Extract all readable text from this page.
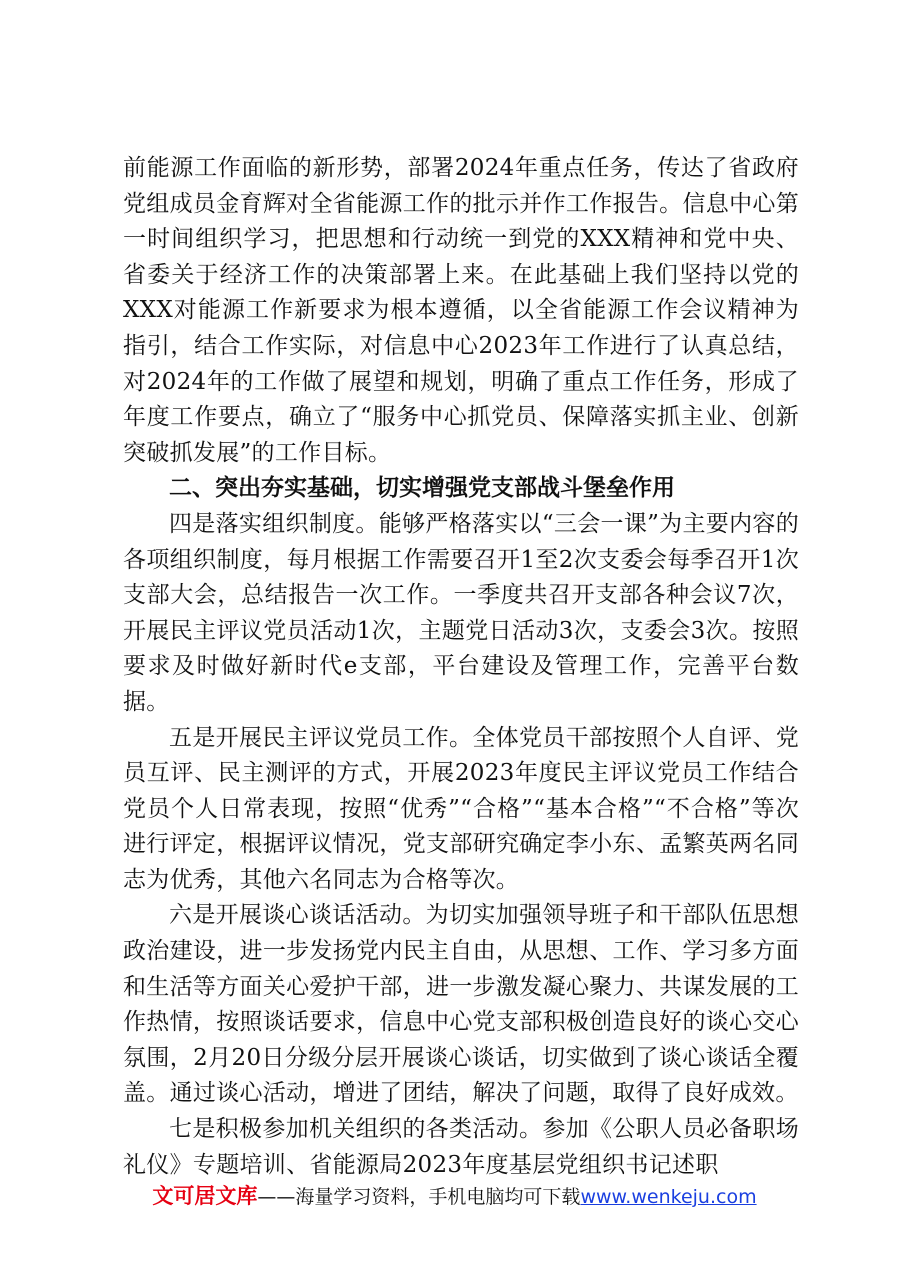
前能源工作面临的新形势，部署2024年重点任务，传达了省政府党组成员金育辉对全省能源工作的批示并作工作报告。信息中心第一时间组织学习，把思想和行动统一到党的XXX精神和党中央、省委关于经济工作的决策部署上来。在此基础上我们坚持以党的XXX对能源工作新要求为根本遵循，以全省能源工作会议精神为指引，结合工作实际，对信息中心2023年工作进行了认真总结，对2024年的工作做了展望和规划，明确了重点工作任务，形成了年度工作要点，确立了“服务中心抓党员、保障落实抓主业、创新突破抓发展”的工作目标。

二、突出夯实基础，切实增强党支部战斗堡垒作用

四是落实组织制度。能够严格落实以“三会一课”为主要内容的各项组织制度，每月根据工作需要召开1至2次支委会每季召开1次支部大会，总结报告一次工作。一季度共召开支部各种会议7次，开展民主评议党员活动1次，主题党日活动3次，支委会3次。按照要求及时做好新时代e支部，平台建设及管理工作，完善平台数据。

五是开展民主评议党员工作。全体党员干部按照个人自评、党员互评、民主测评的方式，开展2023年度民主评议党员工作结合党员个人日常表现，按照“优秀”“合格”“基本合格”“不合格”等次进行评定，根据评议情况，党支部研究确定李小东、孟繁英两名同志为优秀，其他六名同志为合格等次。

六是开展谈心谈话活动。为切实加强领导班子和干部队伍思想政治建设，进一步发扬党内民主自由，从思想、工作、学习多方面和生活等方面关心爱护干部，进一步激发凝心聚力、共谋发展的工作热情，按照谈话要求，信息中心党支部积极创造良好的谈心交心氛围，2月20日分级分层开展谈心谈话，切实做到了谈心谈话全覆盖。通过谈心活动，增进了团结，解决了问题，取得了良好成效。

七是积极参加机关组织的各类活动。参加《公职人员必备职场礼仪》专题培训、省能源局2023年度基层党组织书记述职

文可居文库——海量学习资料，手机电脑均可下载www.wenkeju.com
